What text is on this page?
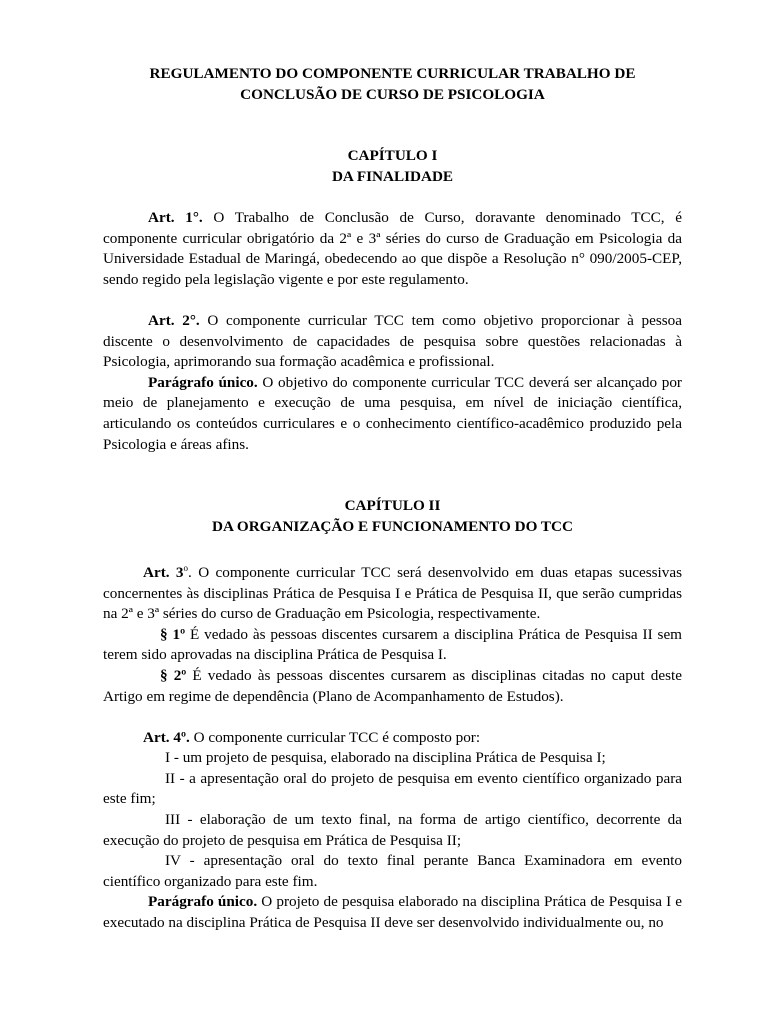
REGULAMENTO DO COMPONENTE CURRICULAR TRABALHO DE
CONCLUSÃO DE CURSO DE PSICOLOGIA
CAPÍTULO I
DA FINALIDADE

Art. 1°. O Trabalho de Conclusão de Curso, doravante denominado TCC, é componente curricular obrigatório da 2ª e 3ª séries do curso de Graduação em Psicologia da Universidade Estadual de Maringá, obedecendo ao que dispõe a Resolução n° 090/2005-CEP, sendo regido pela legislação vigente e por este regulamento.

Art. 2°. O componente curricular TCC tem como objetivo proporcionar à pessoa discente o desenvolvimento de capacidades de pesquisa sobre questões relacionadas à Psicologia, aprimorando sua formação acadêmica e profissional.

Parágrafo único. O objetivo do componente curricular TCC deverá ser alcançado por meio de planejamento e execução de uma pesquisa, em nível de iniciação científica, articulando os conteúdos curriculares e o conhecimento científico-acadêmico produzido pela Psicologia e áreas afins.

CAPÍTULO II
DA ORGANIZAÇÃO E FUNCIONAMENTO DO TCC

Art. 3$^o$. O componente curricular TCC será desenvolvido em duas etapas sucessivas concernentes às disciplinas Prática de Pesquisa I e Prática de Pesquisa II, que serão cumpridas na 2ª e 3ª séries do curso de Graduação em Psicologia, respectivamente.

§ 1º É vedado às pessoas discentes cursarem a disciplina Prática de Pesquisa II sem terem sido aprovadas na disciplina Prática de Pesquisa I.

§ 2º É vedado às pessoas discentes cursarem as disciplinas citadas no caput deste Artigo em regime de dependência (Plano de Acompanhamento de Estudos).

Art. 4º. O componente curricular TCC é composto por:

I - um projeto de pesquisa, elaborado na disciplina Prática de Pesquisa I;

II - a apresentação oral do projeto de pesquisa em evento científico organizado para este fim;

III - elaboração de um texto final, na forma de artigo científico, decorrente da execução do projeto de pesquisa em Prática de Pesquisa II;

IV - apresentação oral do texto final perante Banca Examinadora em evento científico organizado para este fim.

Parágrafo único. O projeto de pesquisa elaborado na disciplina Prática de Pesquisa I e executado na disciplina Prática de Pesquisa II deve ser desenvolvido individualmente ou, no
